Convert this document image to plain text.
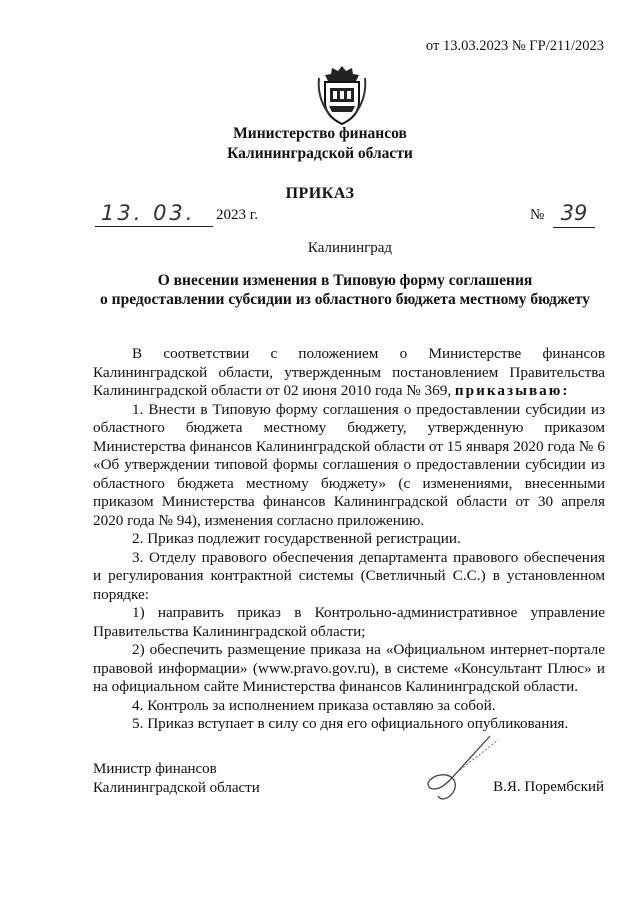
от 13.03.2023 № ГР/211/2023
Министерство финансов
Калининградской области
ПРИКАЗ
13. 03.	2023 г.	№ 39
Калининград
О внесении изменения в Типовую форму соглашения
о предоставлении субсидии из областного бюджета местному бюджету

В соответствии с положением о Министерстве финансов Калининградской области, утвержденным постановлением Правительства Калининградской области от 02 июня 2010 года № 369, приказываю:

1. Внести в Типовую форму соглашения о предоставлении субсидии из областного бюджета местному бюджету, утвержденную приказом Министерства финансов Калининградской области от 15 января 2020 года № 6 «Об утверждении типовой формы соглашения о предоставлении субсидии из областного бюджета местному бюджету» (с изменениями, внесенными приказом Министерства финансов Калининградской области от 30 апреля 2020 года № 94), изменения согласно приложению.

2. Приказ подлежит государственной регистрации.

3. Отделу правового обеспечения департамента правового обеспечения и регулирования контрактной системы (Светличный С.С.) в установленном порядке:

1) направить приказ в Контрольно-административное управление Правительства Калининградской области;

2) обеспечить размещение приказа на «Официальном интернет-портале правовой информации» (www.pravo.gov.ru), в системе «Консультант Плюс» и на официальном сайте Министерства финансов Калининградской области.

4. Контроль за исполнением приказа оставляю за собой.

5. Приказ вступает в силу со дня его официального опубликования.

Министр финансов
Калининградской области	В.Я. Порембский
